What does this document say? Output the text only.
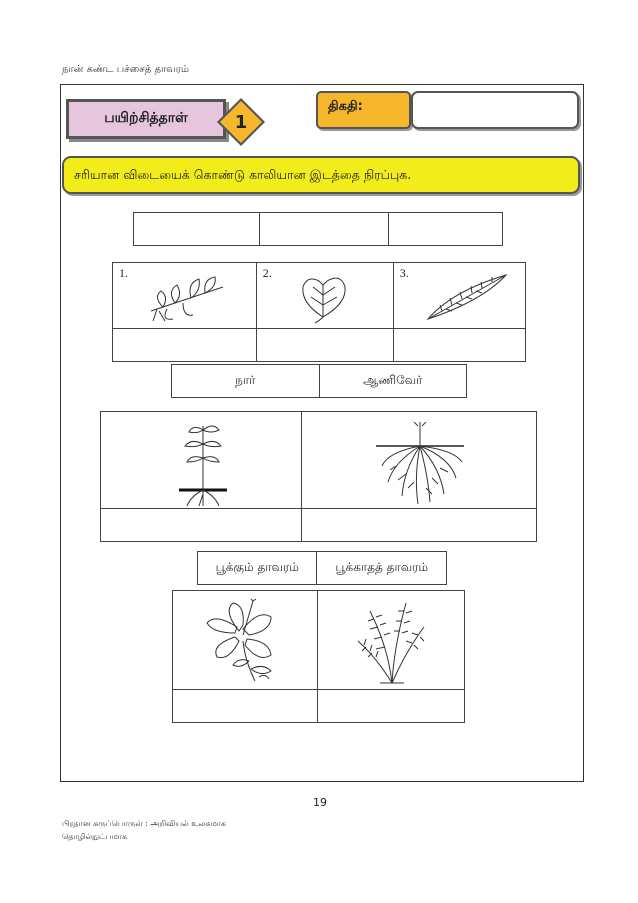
நான் கண்ட பச்சைத் தாவரம்
பயிற்சித்தாள்	1
திகதி:
சரியான விடையைக் கொண்டு காலியான இடத்தை நிரப்புக.

1.	2.	3.

நார்	ஆணிவேர்

பூக்கும் தாவரம்	பூக்காதத் தாவரம்

19
பிரதான கருப்பொருள் : அறிவியல் உலகமாக
தொழில்நுட்பமாக
